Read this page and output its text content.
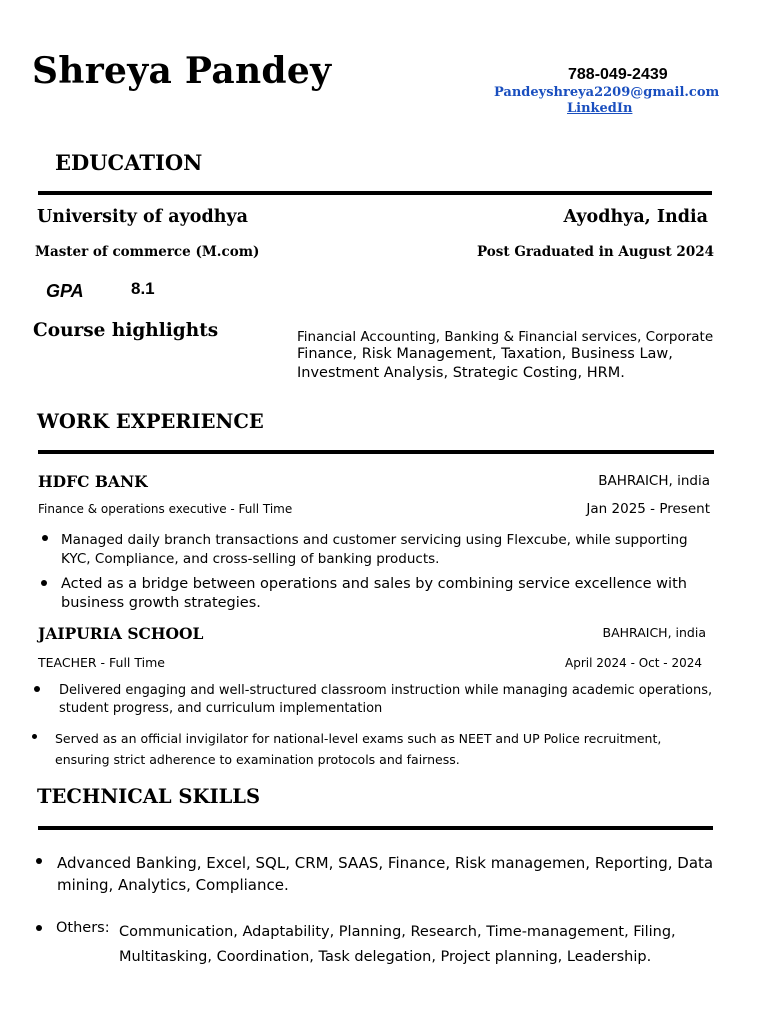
Shreya Pandey	788-049-2439
Pandeyshreya2209@gmail.com
LinkedIn
EDUCATION
University of ayodhya	Ayodhya, India
Master of commerce (M.com)	Post Graduated in August 2024
GPA	8.1
Course highlights	Financial Accounting, Banking & Financial services, Corporate
Finance, Risk Management, Taxation, Business Law,
Investment Analysis, Strategic Costing, HRM.
WORK EXPERIENCE
HDFC BANK	BAHRAICH, india
Finance & operations executive - Full Time	Jan 2025 - Present
Managed daily branch transactions and customer servicing using Flexcube, while supporting KYC, Compliance, and cross-selling of banking products.
Acted as a bridge between operations and sales by combining service excellence with business growth strategies.
JAIPURIA SCHOOL	BAHRAICH, india
TEACHER - Full Time	April 2024 - Oct - 2024
Delivered engaging and well-structured classroom instruction while managing academic operations, student progress, and curriculum implementation
Served as an official invigilator for national-level exams such as NEET and UP Police recruitment, ensuring strict adherence to examination protocols and fairness.
TECHNICAL SKILLS
Advanced Banking, Excel, SQL, CRM, SAAS, Finance, Risk managemen, Reporting, Data mining, Analytics, Compliance.
Others: Communication, Adaptability, Planning, Research, Time-management, Filing, Multitasking, Coordination, Task delegation, Project planning, Leadership.
